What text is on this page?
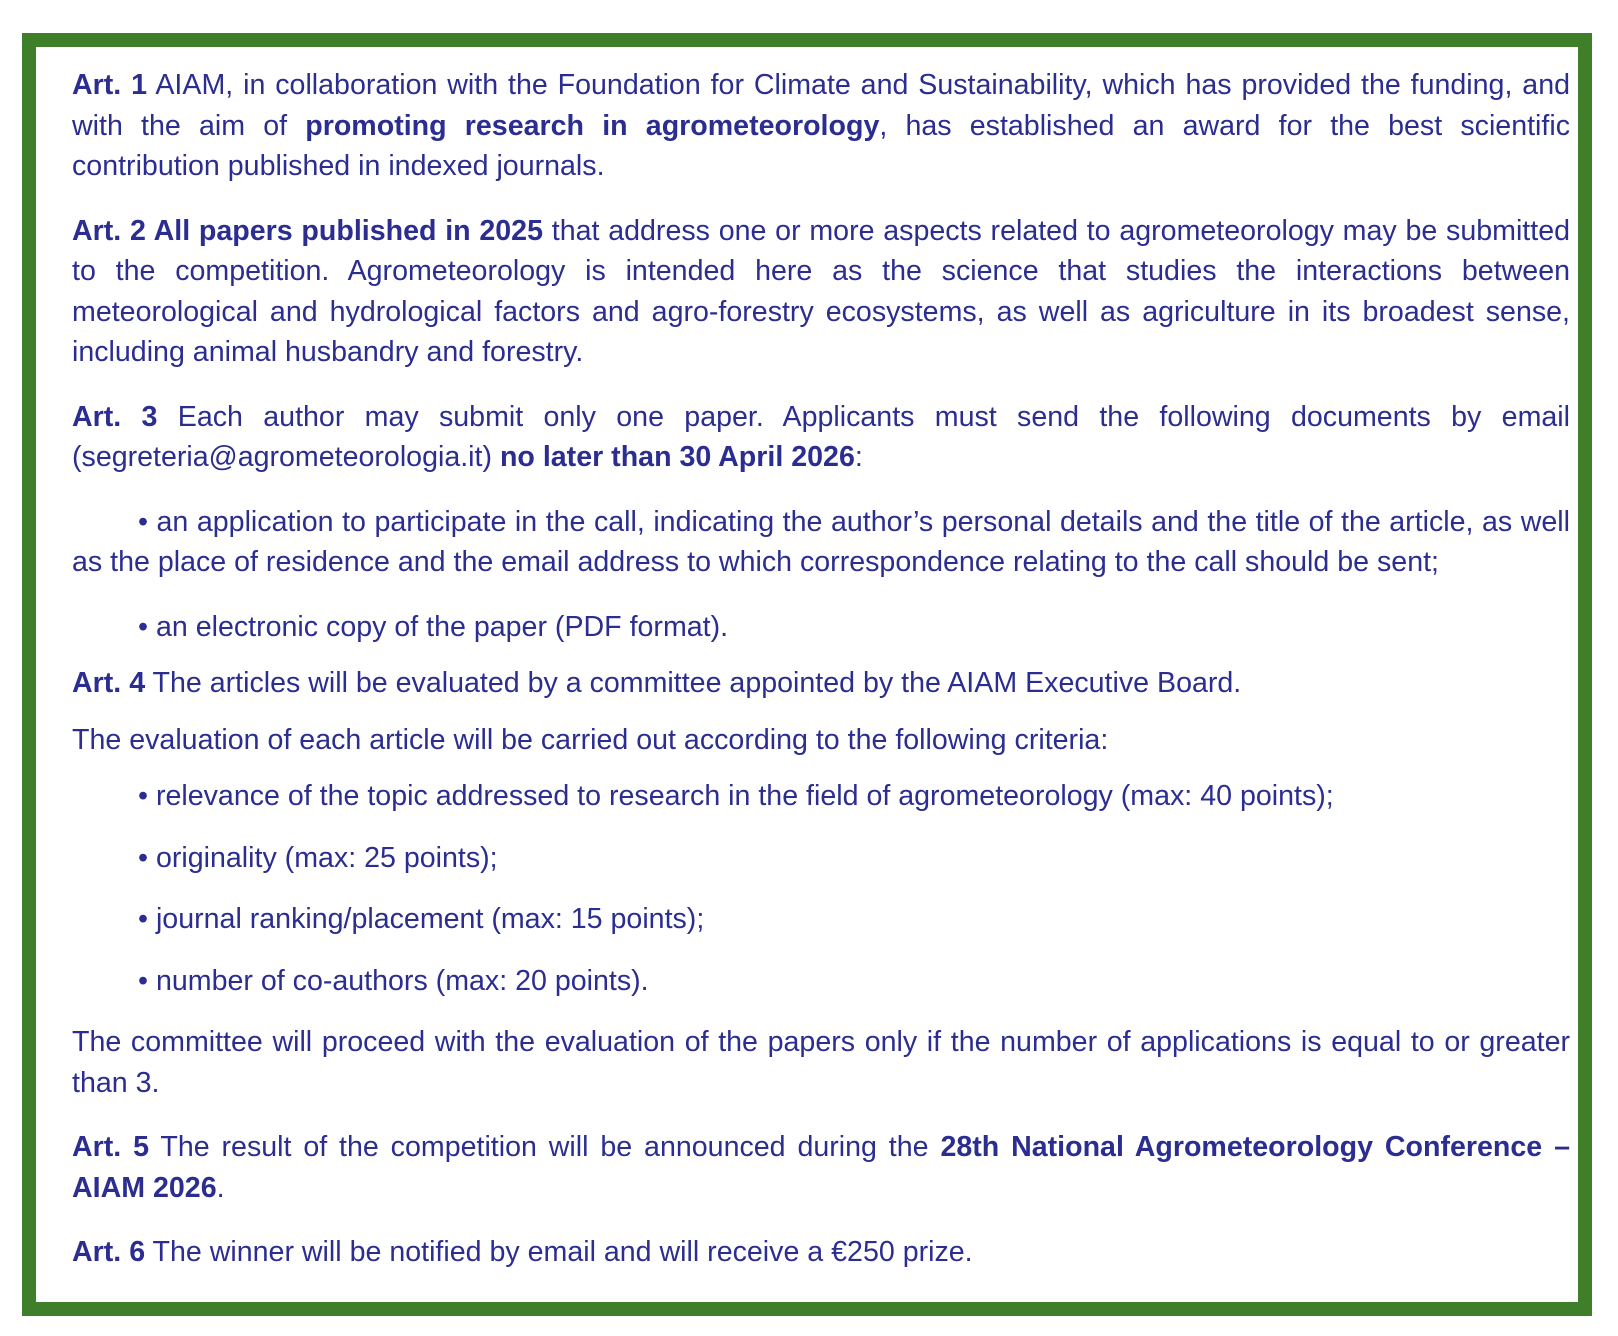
Art. 1 AIAM, in collaboration with the Foundation for Climate and Sustainability, which has provided the funding, and with the aim of promoting research in agrometeorology, has established an award for the best scientific contribution published in indexed journals.

Art. 2 All papers published in 2025 that address one or more aspects related to agrometeorology may be submitted to the competition. Agrometeorology is intended here as the science that studies the interactions between meteorological and hydrological factors and agro-forestry ecosystems, as well as agriculture in its broadest sense, including animal husbandry and forestry.

Art. 3 Each author may submit only one paper. Applicants must send the following documents by email (segreteria@agrometeorologia.it) no later than 30 April 2026:

• an application to participate in the call, indicating the author’s personal details and the title of the article, as well as the place of residence and the email address to which correspondence relating to the call should be sent;

• an electronic copy of the paper (PDF format).

Art. 4 The articles will be evaluated by a committee appointed by the AIAM Executive Board.

The evaluation of each article will be carried out according to the following criteria:

• relevance of the topic addressed to research in the field of agrometeorology (max: 40 points);

• originality (max: 25 points);

• journal ranking/placement (max: 15 points);

• number of co-authors (max: 20 points).

The committee will proceed with the evaluation of the papers only if the number of applications is equal to or greater than 3.

Art. 5 The result of the competition will be announced during the 28th National Agrometeorology Conference – AIAM 2026.

Art. 6 The winner will be notified by email and will receive a €250 prize.
